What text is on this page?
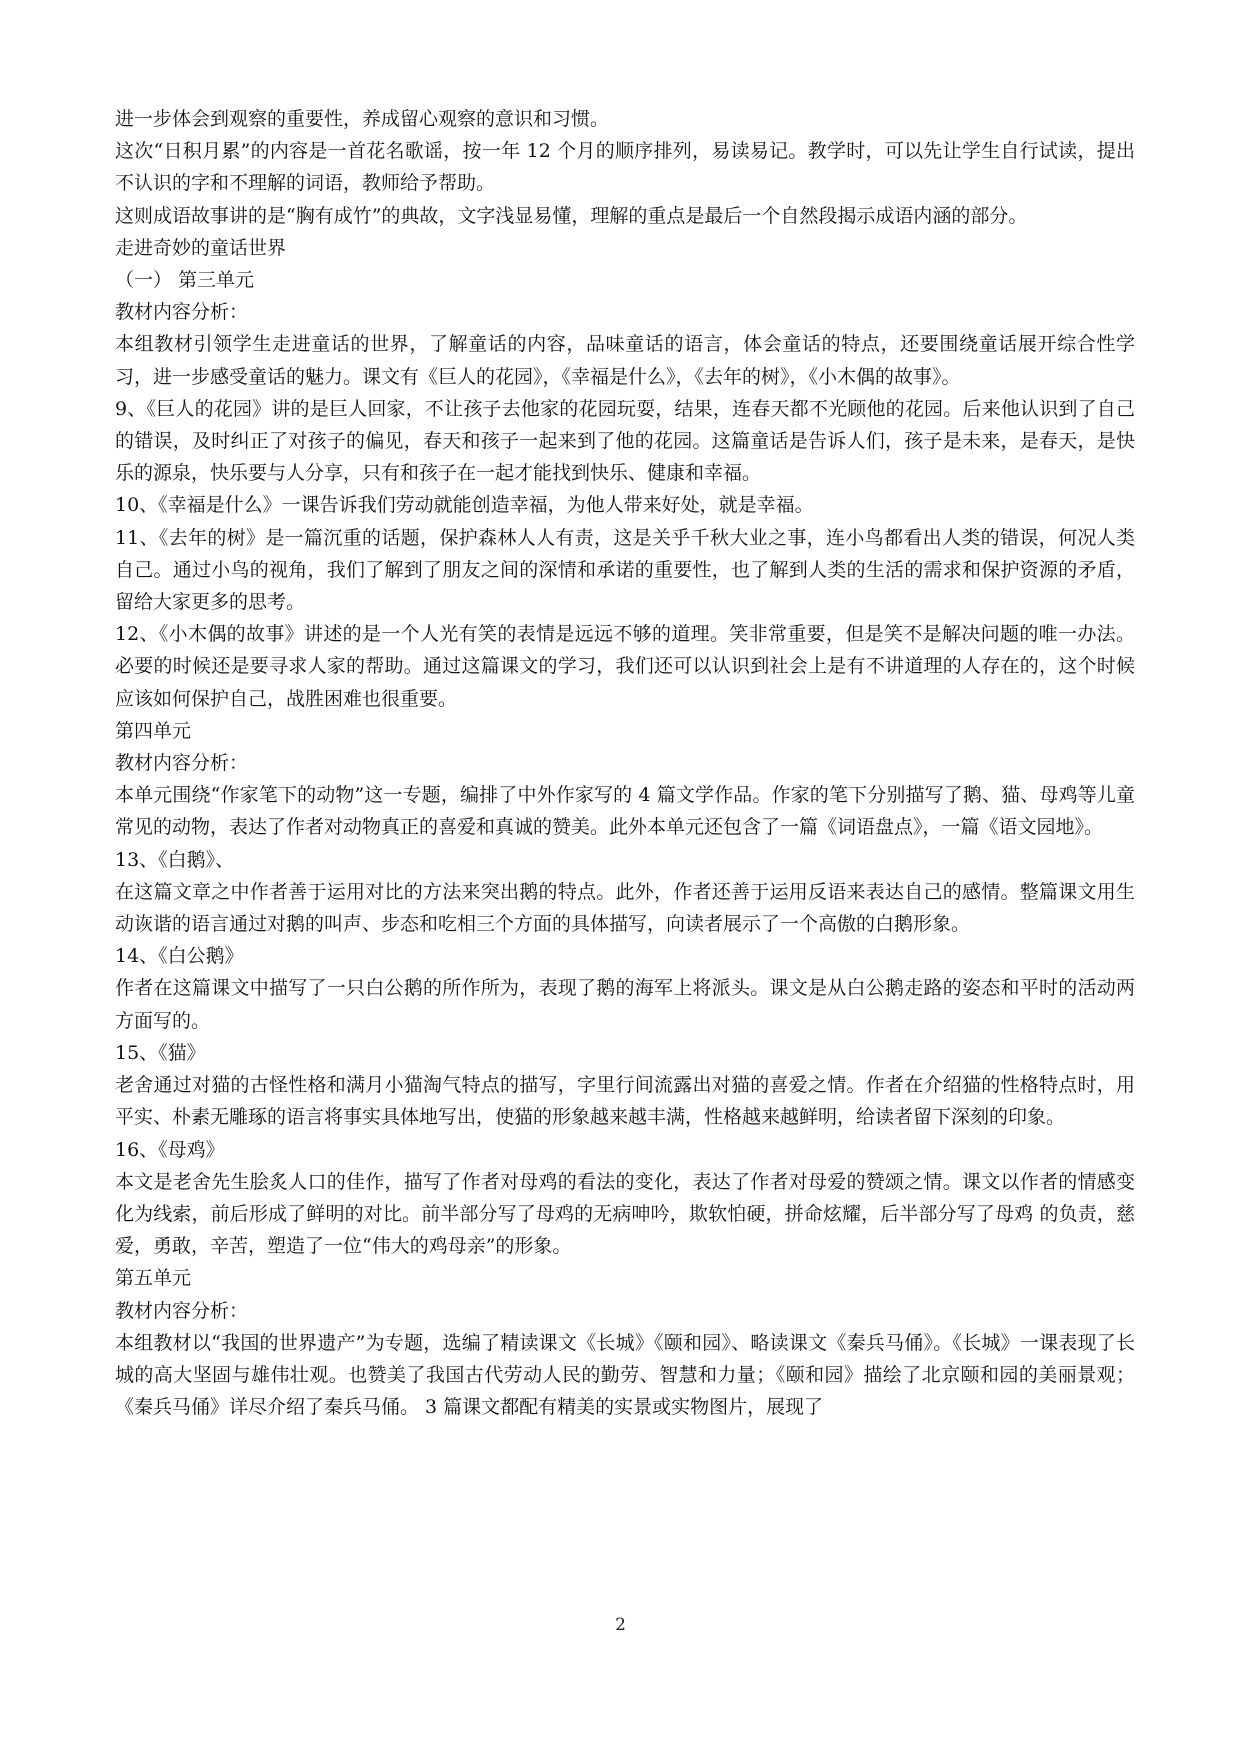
进一步体会到观察的重要性，养成留心观察的意识和习惯。

这次“日积月累”的内容是一首花名歌谣，按一年 12 个月的顺序排列，易读易记。教学时，可以先让学生自行试读，提出不认识的字和不理解的词语，教师给予帮助。

这则成语故事讲的是“胸有成竹”的典故，文字浅显易懂，理解的重点是最后一个自然段揭示成语内涵的部分。

走进奇妙的童话世界

（一） 第三单元

教材内容分析：

本组教材引领学生走进童话的世界，了解童话的内容，品味童话的语言，体会童话的特点，还要围绕童话展开综合性学习，进一步感受童话的魅力。课文有《巨人的花园》，《幸福是什么》，《去年的树》，《小木偶的故事》。

9、《巨人的花园》讲的是巨人回家，不让孩子去他家的花园玩耍，结果，连春天都不光顾他的花园。后来他认识到了自己的错误，及时纠正了对孩子的偏见，春天和孩子一起来到了他的花园。这篇童话是告诉人们，孩子是未来，是春天，是快乐的源泉，快乐要与人分享，只有和孩子在一起才能找到快乐、健康和幸福。

10、《幸福是什么》一课告诉我们劳动就能创造幸福，为他人带来好处，就是幸福。

11、《去年的树》是一篇沉重的话题，保护森林人人有责，这是关乎千秋大业之事，连小鸟都看出人类的错误，何况人类自己。通过小鸟的视角，我们了解到了朋友之间的深情和承诺的重要性，也了解到人类的生活的需求和保护资源的矛盾，留给大家更多的思考。

12、《小木偶的故事》讲述的是一个人光有笑的表情是远远不够的道理。笑非常重要，但是笑不是解决问题的唯一办法。必要的时候还是要寻求人家的帮助。通过这篇课文的学习，我们还可以认识到社会上是有不讲道理的人存在的，这个时候应该如何保护自己，战胜困难也很重要。

第四单元

教材内容分析：

本单元围绕“作家笔下的动物”这一专题，编排了中外作家写的 4 篇文学作品。作家的笔下分别描写了鹅、猫、母鸡等儿童常见的动物，表达了作者对动物真正的喜爱和真诚的赞美。此外本单元还包含了一篇《词语盘点》，一篇《语文园地》。

13、《白鹅》、

在这篇文章之中作者善于运用对比的方法来突出鹅的特点。此外，作者还善于运用反语来表达自己的感情。整篇课文用生动诙谐的语言通过对鹅的叫声、步态和吃相三个方面的具体描写，向读者展示了一个高傲的白鹅形象。

14、《白公鹅》

作者在这篇课文中描写了一只白公鹅的所作所为，表现了鹅的海军上将派头。课文是从白公鹅走路的姿态和平时的活动两方面写的。

15、《猫》

老舍通过对猫的古怪性格和满月小猫淘气特点的描写，字里行间流露出对猫的喜爱之情。作者在介绍猫的性格特点时，用平实、朴素无雕琢的语言将事实具体地写出，使猫的形象越来越丰满，性格越来越鲜明，给读者留下深刻的印象。

16、《母鸡》

本文是老舍先生脍炙人口的佳作，描写了作者对母鸡的看法的变化，表达了作者对母爱的赞颂之情。课文以作者的情感变化为线索，前后形成了鲜明的对比。前半部分写了母鸡的无病呻吟，欺软怕硬，拼命炫耀，后半部分写了母鸡 的负责，慈爱，勇敢，辛苦，塑造了一位“伟大的鸡母亲”的形象。

第五单元

教材内容分析：

本组教材以“我国的世界遗产”为专题，选编了精读课文《长城》《颐和园》、略读课文《秦兵马俑》。《长城》一课表现了长城的高大坚固与雄伟壮观。也赞美了我国古代劳动人民的勤劳、智慧和力量；《颐和园》描绘了北京颐和园的美丽景观；《秦兵马俑》详尽介绍了秦兵马俑。 3 篇课文都配有精美的实景或实物图片，展现了

2
